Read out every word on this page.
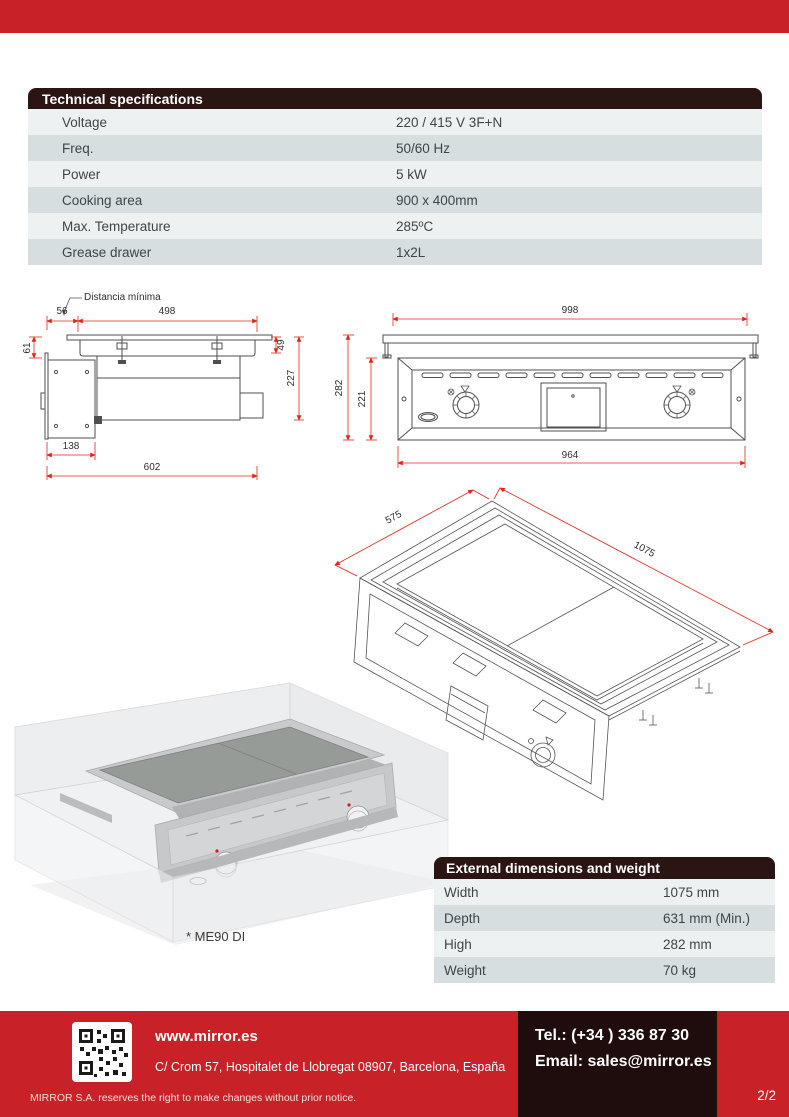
Technical specifications
Voltage	220 / 415 V 3F+N
Freq.	50/60 Hz
Power	5 kW
Cooking area	900 x 400mm
Max. Temperature	285ºC
Grease drawer	1x2L
Distancia mínima
56	498
61	49
227
138
602
998
282
221
964
575
1075
* ME90 DI
External dimensions and weight
Width	1075 mm
Depth	631 mm (Min.)
High	282 mm
Weight	70 kg
www.mirror.es
C/ Crom 57, Hospitalet de Llobregat 08907, Barcelona, España
Tel.: (+34 ) 336 87 30
Email: sales@mirror.es
MIRROR S.A. reserves the right to make changes without prior notice.	2/2
